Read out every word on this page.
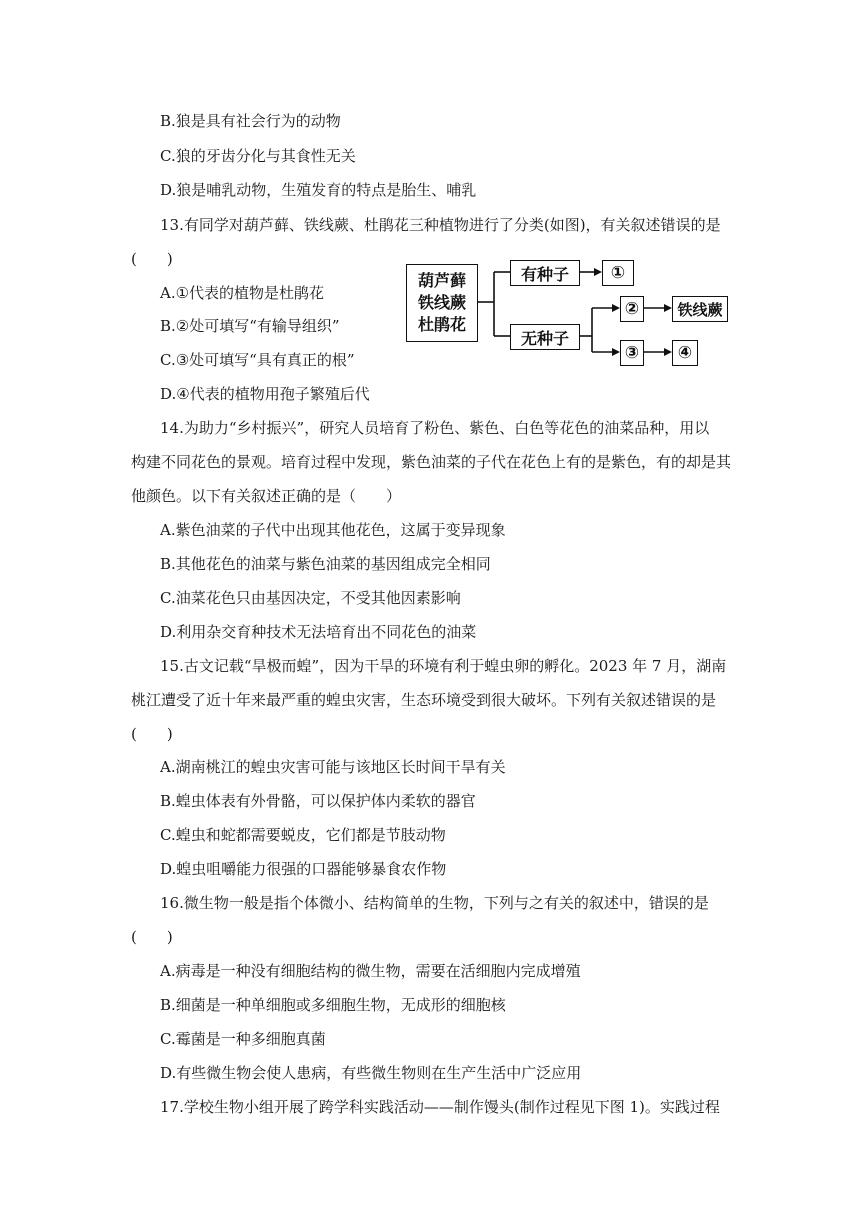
B.狼是具有社会行为的动物
C.狼的牙齿分化与其食性无关
D.狼是哺乳动物，生殖发育的特点是胎生、哺乳
13.有同学对葫芦藓、铁线蕨、杜鹃花三种植物进行了分类(如图)，有关叙述错误的是
(　　)
A.①代表的植物是杜鹃花
B.②处可填写“有输导组织”
C.③处可填写“具有真正的根”
D.④代表的植物用孢子繁殖后代
葫芦藓
铁线蕨
杜鹃花
有种子
无种子
①
②
③
铁线蕨
④
14.为助力“乡村振兴”，研究人员培育了粉色、紫色、白色等花色的油菜品种，用以
构建不同花色的景观。培育过程中发现，紫色油菜的子代在花色上有的是紫色，有的却是其
他颜色。以下有关叙述正确的是（　　）
A.紫色油菜的子代中出现其他花色，这属于变异现象
B.其他花色的油菜与紫色油菜的基因组成完全相同
C.油菜花色只由基因决定，不受其他因素影响
D.利用杂交育种技术无法培育出不同花色的油菜
15.古文记载“旱极而蝗”，因为干旱的环境有利于蝗虫卵的孵化。2023 年 7 月，湖南
桃江遭受了近十年来最严重的蝗虫灾害，生态环境受到很大破坏。下列有关叙述错误的是
(　　)
A.湖南桃江的蝗虫灾害可能与该地区长时间干旱有关
B.蝗虫体表有外骨骼，可以保护体内柔软的器官
C.蝗虫和蛇都需要蜕皮，它们都是节肢动物
D.蝗虫咀嚼能力很强的口器能够暴食农作物
16.微生物一般是指个体微小、结构简单的生物，下列与之有关的叙述中，错误的是
(　　)
A.病毒是一种没有细胞结构的微生物，需要在活细胞内完成增殖
B.细菌是一种单细胞或多细胞生物，无成形的细胞核
C.霉菌是一种多细胞真菌
D.有些微生物会使人患病，有些微生物则在生产生活中广泛应用
17.学校生物小组开展了跨学科实践活动——制作馒头(制作过程见下图 1)。实践过程
